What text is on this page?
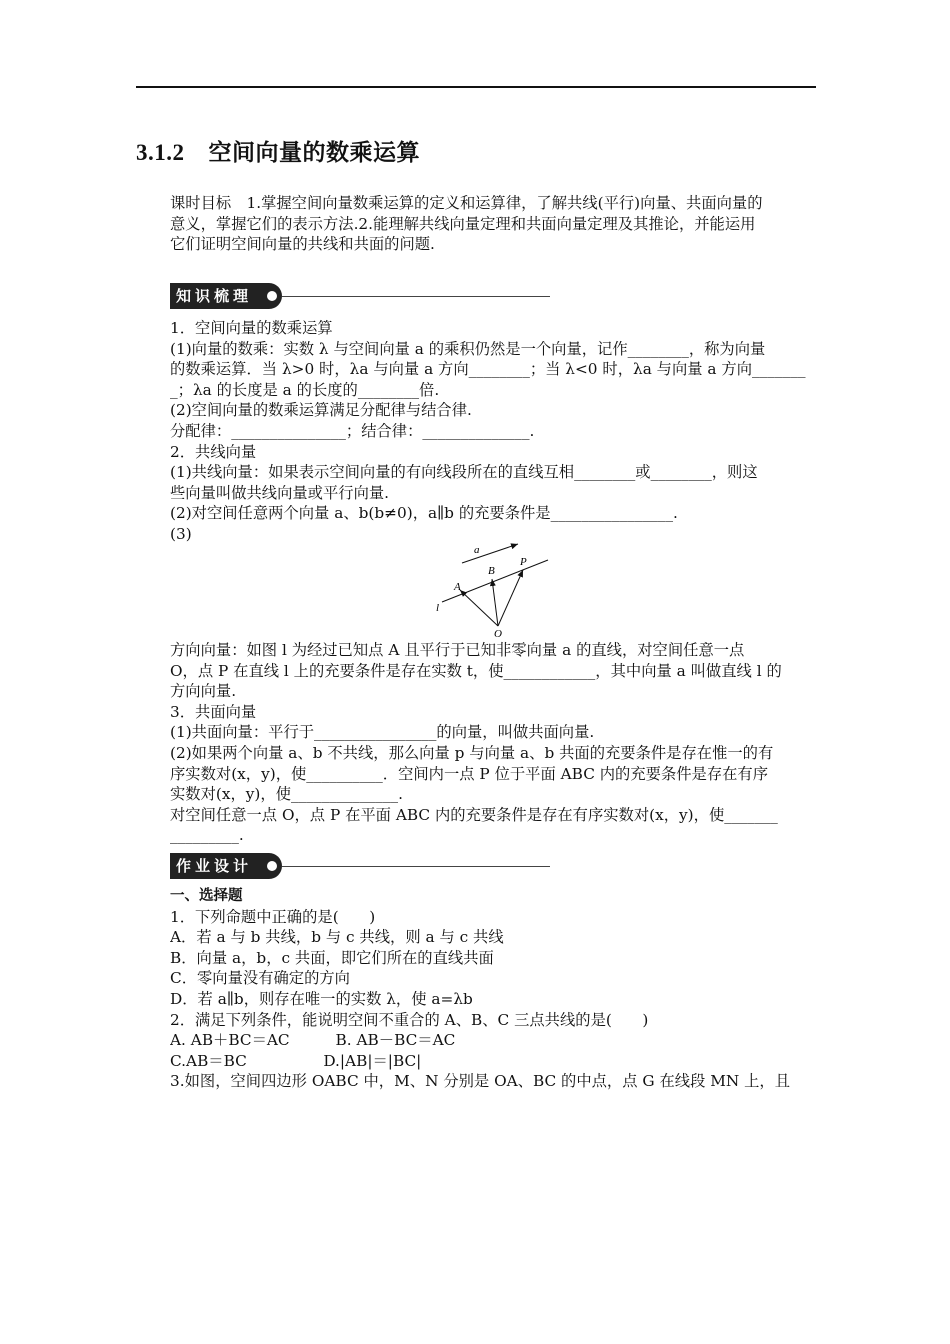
3.1.2 空间向量的数乘运算

课时目标　1.掌握空间向量数乘运算的定义和运算律，了解共线(平行)向量、共面向量的

意义，掌握它们的表示方法.2.能理解共线向量定理和共面向量定理及其推论，并能运用

它们证明空间向量的共线和共面的问题.

知识梳理

1．空间向量的数乘运算

(1)向量的数乘：实数 λ 与空间向量 a 的乘积仍然是一个向量，记作________，称为向量

的数乘运算．当 λ>0 时，λa 与向量 a 方向________；当 λ<0 时，λa 与向量 a 方向_______

_；λa 的长度是 a 的长度的________倍.

(2)空间向量的数乘运算满足分配律与结合律.

分配律：_______________；结合律：______________.

2．共线向量

(1)共线向量：如果表示空间向量的有向线段所在的直线互相________或________，则这

些向量叫做共线向量或平行向量.

(2)对空间任意两个向量 a、b(b≠0)，a∥b 的充要条件是________________.

(3)

a
B
P
A
l
O

方向向量：如图 l 为经过已知点 A 且平行于已知非零向量 a 的直线，对空间任意一点

O，点 P 在直线 l 上的充要条件是存在实数 t，使____________，其中向量 a 叫做直线 l 的

方向向量.

3．共面向量

(1)共面向量：平行于________________的向量，叫做共面向量.

(2)如果两个向量 a、b 不共线，那么向量 p 与向量 a、b 共面的充要条件是存在惟一的有

序实数对(x，y)，使__________．空间内一点 P 位于平面 ABC 内的充要条件是存在有序

实数对(x，y)，使______________.

对空间任意一点 O，点 P 在平面 ABC 内的充要条件是存在有序实数对(x，y)，使_______

_________.

作业设计

一、选择题

1．下列命题中正确的是(　　)

A．若 a 与 b 共线，b 与 c 共线，则 a 与 c 共线

B．向量 a，b，c 共面，即它们所在的直线共面

C．零向量没有确定的方向

D．若 a∥b，则存在唯一的实数 λ，使 a=λb

2．满足下列条件，能说明空间不重合的 A、B、C 三点共线的是(　　)

A. AB＋BC＝AC　　　B. AB－BC＝AC

C.AB＝BC　　　　　D.|AB|＝|BC|

3.如图，空间四边形 OABC 中，M、N 分别是 OA、BC 的中点，点 G 在线段 MN 上，且
